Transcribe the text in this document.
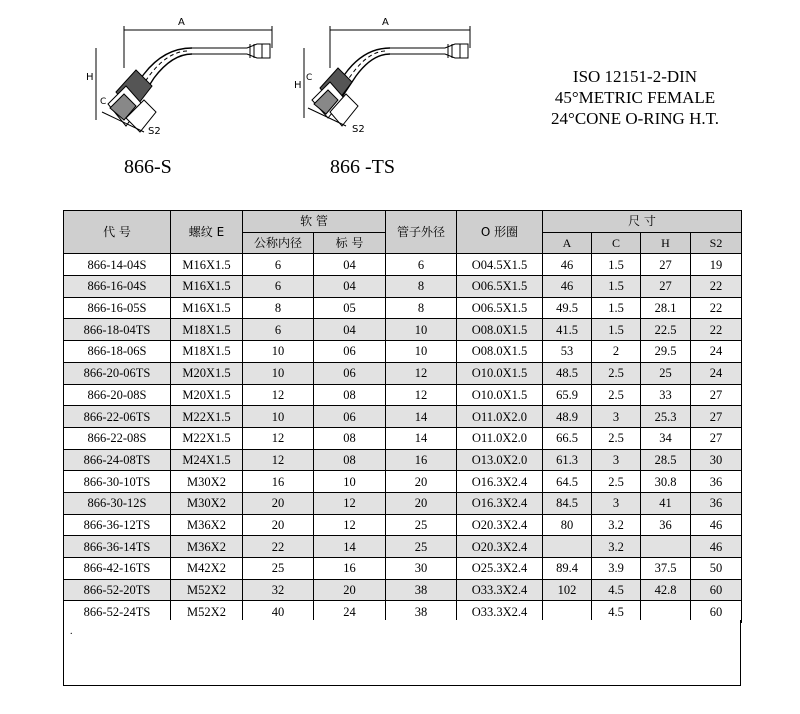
A
H
C
S2
A
H
C
S2
866-S	866 -TS
ISO 12151-2-DIN
45°METRIC FEMALE
24°CONE O-RING H.T.
代 号	螺纹 E	软 管		管子外径	O 形圈	尺 寸			
		公称内径	标 号			A	C	H	S2
866-14-04S	M16X1.5	6	04	6	O04.5X1.5	46	1.5	27	19
866-16-04S	M16X1.5	6	04	8	O06.5X1.5	46	1.5	27	22
866-16-05S	M16X1.5	8	05	8	O06.5X1.5	49.5	1.5	28.1	22
866-18-04TS	M18X1.5	6	04	10	O08.0X1.5	41.5	1.5	22.5	22
866-18-06S	M18X1.5	10	06	10	O08.0X1.5	53	2	29.5	24
866-20-06TS	M20X1.5	10	06	12	O10.0X1.5	48.5	2.5	25	24
866-20-08S	M20X1.5	12	08	12	O10.0X1.5	65.9	2.5	33	27
866-22-06TS	M22X1.5	10	06	14	O11.0X2.0	48.9	3	25.3	27
866-22-08S	M22X1.5	12	08	14	O11.0X2.0	66.5	2.5	34	27
866-24-08TS	M24X1.5	12	08	16	O13.0X2.0	61.3	3	28.5	30
866-30-10TS	M30X2	16	10	20	O16.3X2.4	64.5	2.5	30.8	36
866-30-12S	M30X2	20	12	20	O16.3X2.4	84.5	3	41	36
866-36-12TS	M36X2	20	12	25	O20.3X2.4	80	3.2	36	46
866-36-14TS	M36X2	22	14	25	O20.3X2.4		3.2		46
866-42-16TS	M42X2	25	16	30	O25.3X2.4	89.4	3.9	37.5	50
866-52-20TS	M52X2	32	20	38	O33.3X2.4	102	4.5	42.8	60
866-52-24TS	M52X2	40	24	38	O33.3X2.4		4.5		60
.
